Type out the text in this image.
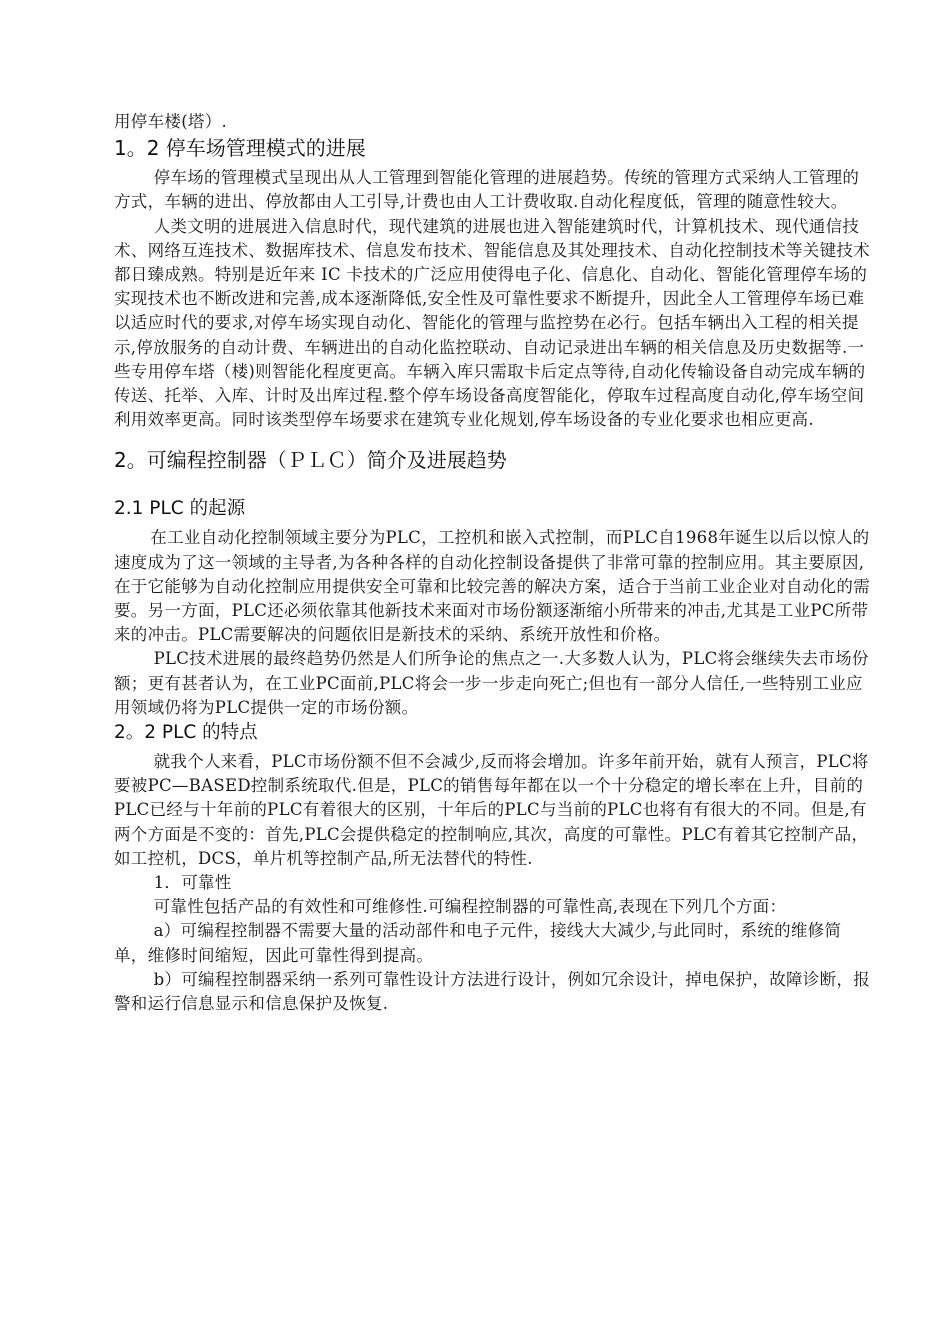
用停车楼(塔）.

1。2 停车场管理模式的进展

停车场的管理模式呈现出从人工管理到智能化管理的进展趋势。传统的管理方式采纳人工管理的方式，车辆的进出、停放都由人工引导,计费也由人工计费收取.自动化程度低，管理的随意性较大。

人类文明的进展进入信息时代，现代建筑的进展也进入智能建筑时代，计算机技术、现代通信技术、网络互连技术、数据库技术、信息发布技术、智能信息及其处理技术、自动化控制技术等关键技术都日臻成熟。特别是近年来 IC 卡技术的广泛应用使得电子化、信息化、自动化、智能化管理停车场的实现技术也不断改进和完善,成本逐渐降低,安全性及可靠性要求不断提升，因此全人工管理停车场已难以适应时代的要求,对停车场实现自动化、智能化的管理与监控势在必行。包括车辆出入工程的相关提示,停放服务的自动计费、车辆进出的自动化监控联动、自动记录进出车辆的相关信息及历史数据等.一些专用停车塔（楼)则智能化程度更高。车辆入库只需取卡后定点等待,自动化传输设备自动完成车辆的传送、托举、入库、计时及出库过程.整个停车场设备高度智能化，停取车过程高度自动化,停车场空间利用效率更高。同时该类型停车场要求在建筑专业化规划,停车场设备的专业化要求也相应更高.

2。可编程控制器（ＰＬＣ）简介及进展趋势
2.1 PLC 的起源

在工业自动化控制领域主要分为PLC，工控机和嵌入式控制，而PLC自1968年诞生以后以惊人的速度成为了这一领域的主导者,为各种各样的自动化控制设备提供了非常可靠的控制应用。其主要原因,在于它能够为自动化控制应用提供安全可靠和比较完善的解决方案，适合于当前工业企业对自动化的需要。另一方面，PLC还必须依靠其他新技术来面对市场份额逐渐缩小所带来的冲击,尤其是工业PC所带来的冲击。PLC需要解决的问题依旧是新技术的采纳、系统开放性和价格。

PLC技术进展的最终趋势仍然是人们所争论的焦点之一.大多数人认为，PLC将会继续失去市场份额；更有甚者认为，在工业PC面前,PLC将会一步一步走向死亡;但也有一部分人信任,一些特别工业应用领域仍将为PLC提供一定的市场份额。

2。2 PLC 的特点

就我个人来看，PLC市场份额不但不会减少,反而将会增加。许多年前开始，就有人预言，PLC将要被PC—BASED控制系统取代.但是，PLC的销售每年都在以一个十分稳定的增长率在上升，目前的PLC已经与十年前的PLC有着很大的区别，十年后的PLC与当前的PLC也将有有很大的不同。但是,有两个方面是不变的：首先,PLC会提供稳定的控制响应,其次，高度的可靠性。PLC有着其它控制产品，如工控机，DCS，单片机等控制产品,所无法替代的特性.

1．可靠性

可靠性包括产品的有效性和可维修性.可编程控制器的可靠性高,表现在下列几个方面：

a）可编程控制器不需要大量的活动部件和电子元件，接线大大减少,与此同时，系统的维修简单，维修时间缩短，因此可靠性得到提高。

b）可编程控制器采纳一系列可靠性设计方法进行设计，例如冗余设计，掉电保护，故障诊断，报警和运行信息显示和信息保护及恢复.
